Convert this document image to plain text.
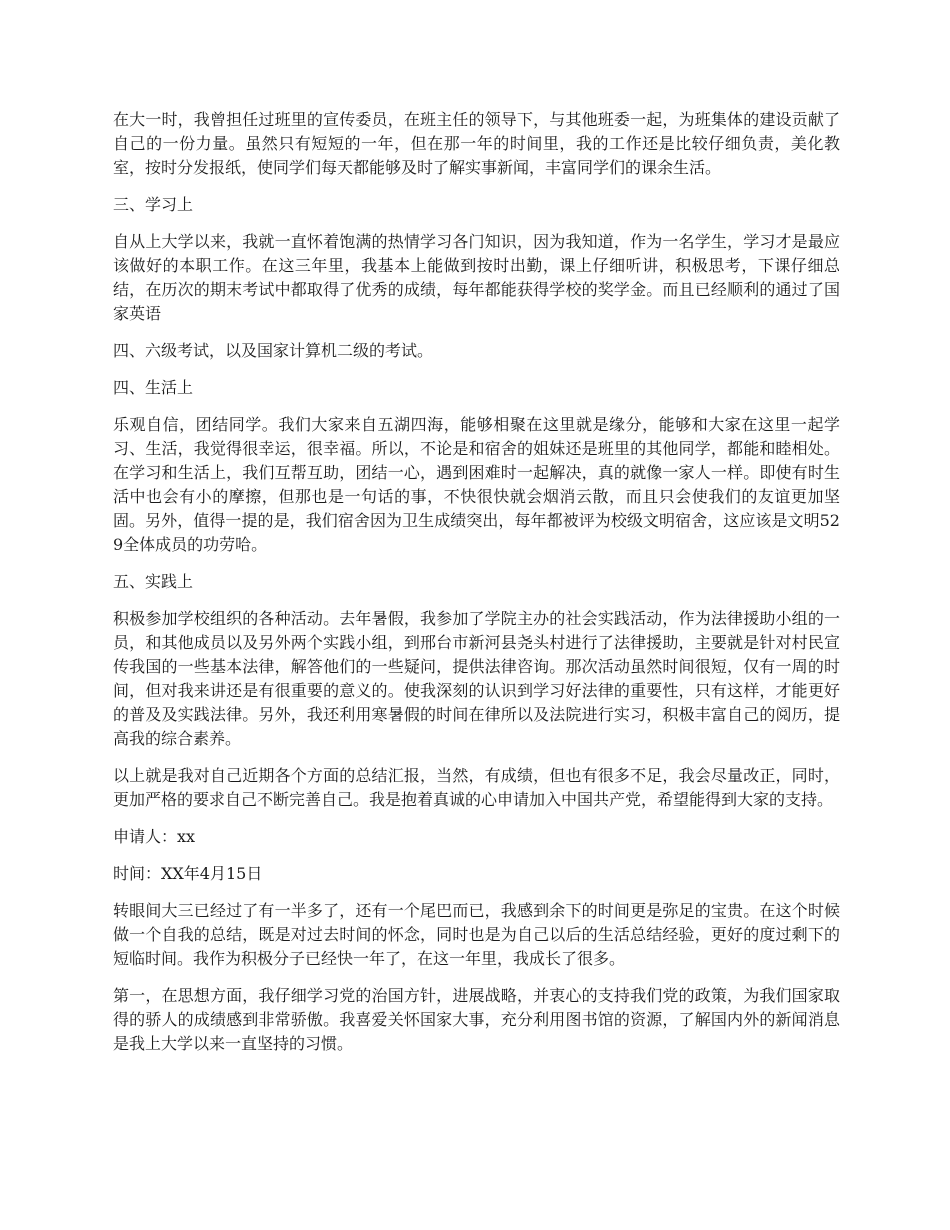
在大一时，我曾担任过班里的宣传委员，在班主任的领导下，与其他班委一起，为班集体的建设贡献了自己的一份力量。虽然只有短短的一年，但在那一年的时间里，我的工作还是比较仔细负责，美化教室，按时分发报纸，使同学们每天都能够及时了解实事新闻，丰富同学们的课余生活。

三、学习上

自从上大学以来，我就一直怀着饱满的热情学习各门知识，因为我知道，作为一名学生，学习才是最应该做好的本职工作。在这三年里，我基本上能做到按时出勤，课上仔细听讲，积极思考，下课仔细总结，在历次的期末考试中都取得了优秀的成绩，每年都能获得学校的奖学金。而且已经顺利的通过了国家英语

四、六级考试，以及国家计算机二级的考试。

四、生活上

乐观自信，团结同学。我们大家来自五湖四海，能够相聚在这里就是缘分，能够和大家在这里一起学习、生活，我觉得很幸运，很幸福。所以，不论是和宿舍的姐妹还是班里的其他同学，都能和睦相处。在学习和生活上，我们互帮互助，团结一心，遇到困难时一起解决，真的就像一家人一样。即使有时生活中也会有小的摩擦，但那也是一句话的事，不快很快就会烟消云散，而且只会使我们的友谊更加坚固。另外，值得一提的是，我们宿舍因为卫生成绩突出，每年都被评为校级文明宿舍，这应该是文明529全体成员的功劳哈。

五、实践上

积极参加学校组织的各种活动。去年暑假，我参加了学院主办的社会实践活动，作为法律援助小组的一员，和其他成员以及另外两个实践小组，到邢台市新河县尧头村进行了法律援助，主要就是针对村民宣传我国的一些基本法律，解答他们的一些疑问，提供法律咨询。那次活动虽然时间很短，仅有一周的时间，但对我来讲还是有很重要的意义的。使我深刻的认识到学习好法律的重要性，只有这样，才能更好的普及及实践法律。另外，我还利用寒暑假的时间在律所以及法院进行实习，积极丰富自己的阅历，提高我的综合素养。

以上就是我对自己近期各个方面的总结汇报，当然，有成绩，但也有很多不足，我会尽量改正，同时，更加严格的要求自己不断完善自己。我是抱着真诚的心申请加入中国共产党，希望能得到大家的支持。

申请人：xx

时间：XX年4月15日

转眼间大三已经过了有一半多了，还有一个尾巴而已，我感到余下的时间更是弥足的宝贵。在这个时候做一个自我的总结，既是对过去时间的怀念，同时也是为自己以后的生活总结经验，更好的度过剩下的短临时间。我作为积极分子已经快一年了，在这一年里，我成长了很多。

第一，在思想方面，我仔细学习党的治国方针，进展战略，并衷心的支持我们党的政策，为我们国家取得的骄人的成绩感到非常骄傲。我喜爱关怀国家大事，充分利用图书馆的资源，了解国内外的新闻消息是我上大学以来一直坚持的习惯。
